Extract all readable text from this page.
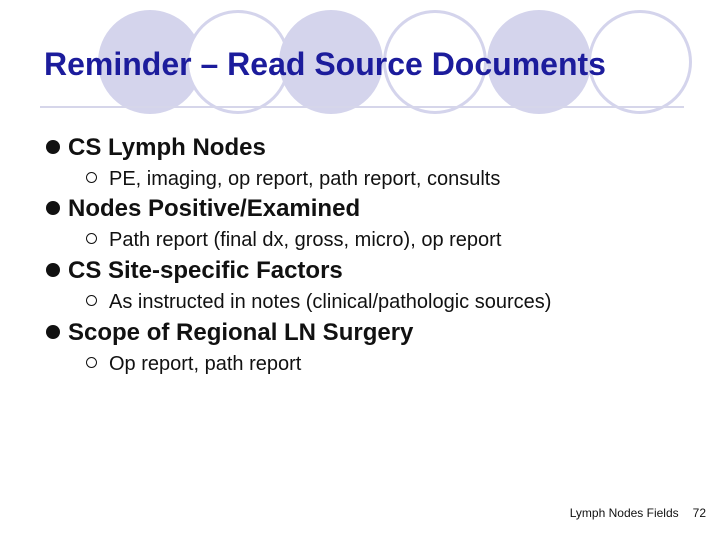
Reminder – Read Source Documents
CS Lymph Nodes
PE, imaging, op report, path report, consults
Nodes Positive/Examined
Path report (final dx, gross, micro), op report
CS Site-specific Factors
As instructed in notes (clinical/pathologic sources)
Scope of Regional LN Surgery
Op report, path report
Lymph Nodes Fields 72
